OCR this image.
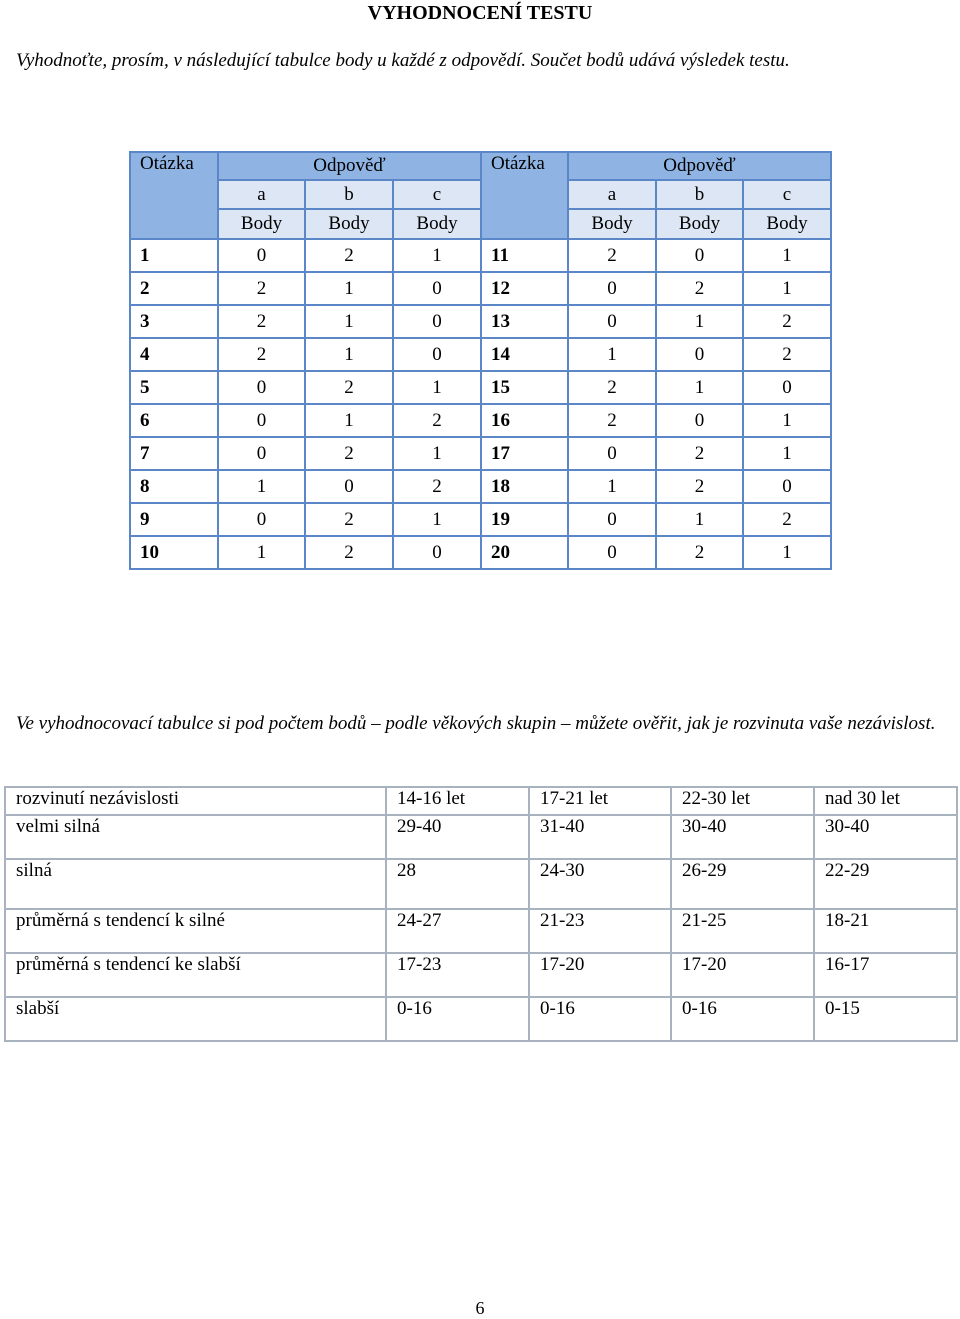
VYHODNOCENÍ TESTU
Vyhodnoťte, prosím, v následující tabulce body u každé z odpovědí. Součet bodů udává výsledek testu.
Otázka	Odpověď			Otázka	Odpověď		
	a	b	c		a	b	c
	Body	Body	Body		Body	Body	Body
1	0	2	1	11	2	0	1
2	2	1	0	12	0	2	1
3	2	1	0	13	0	1	2
4	2	1	0	14	1	0	2
5	0	2	1	15	2	1	0
6	0	1	2	16	2	0	1
7	0	2	1	17	0	2	1
8	1	0	2	18	1	2	0
9	0	2	1	19	0	1	2
10	1	2	0	20	0	2	1
Ve vyhodnocovací tabulce si pod počtem bodů – podle věkových skupin – můžete ověřit, jak je rozvinuta vaše nezávislost.
rozvinutí nezávislosti	14-16 let	17-21 let	22-30 let	nad 30 let
velmi silná	29-40	31-40	30-40	30-40
silná	28	24-30	26-29	22-29
průměrná s tendencí k silné	24-27	21-23	21-25	18-21
průměrná s tendencí ke slabší	17-23	17-20	17-20	16-17
slabší	0-16	0-16	0-16	0-15
6
